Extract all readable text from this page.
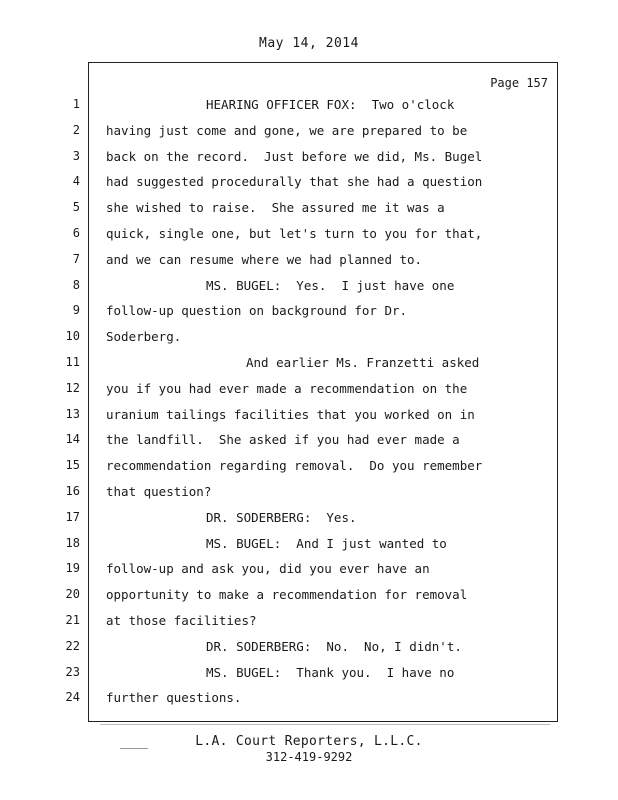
May 14, 2014
Page 157
1	HEARING OFFICER FOX:  Two o'clock
2 having just come and gone, we are prepared to be
3 back on the record.  Just before we did, Ms. Bugel
4 had suggested procedurally that she had a question
5 she wished to raise.  She assured me it was a
6 quick, single one, but let's turn to you for that,
7 and we can resume where we had planned to.
8	MS. BUGEL:  Yes.  I just have one
9 follow-up question on background for Dr.
10 Soderberg.
11	And earlier Ms. Franzetti asked
12 you if you had ever made a recommendation on the
13 uranium tailings facilities that you worked on in
14 the landfill.  She asked if you had ever made a
15 recommendation regarding removal.  Do you remember
16 that question?
17	DR. SODERBERG:  Yes.
18	MS. BUGEL:  And I just wanted to
19 follow-up and ask you, did you ever have an
20 opportunity to make a recommendation for removal
21 at those facilities?
22	DR. SODERBERG:  No.  No, I didn't.
23	MS. BUGEL:  Thank you.  I have no
24 further questions.
L.A. Court Reporters, L.L.C.
312-419-9292
